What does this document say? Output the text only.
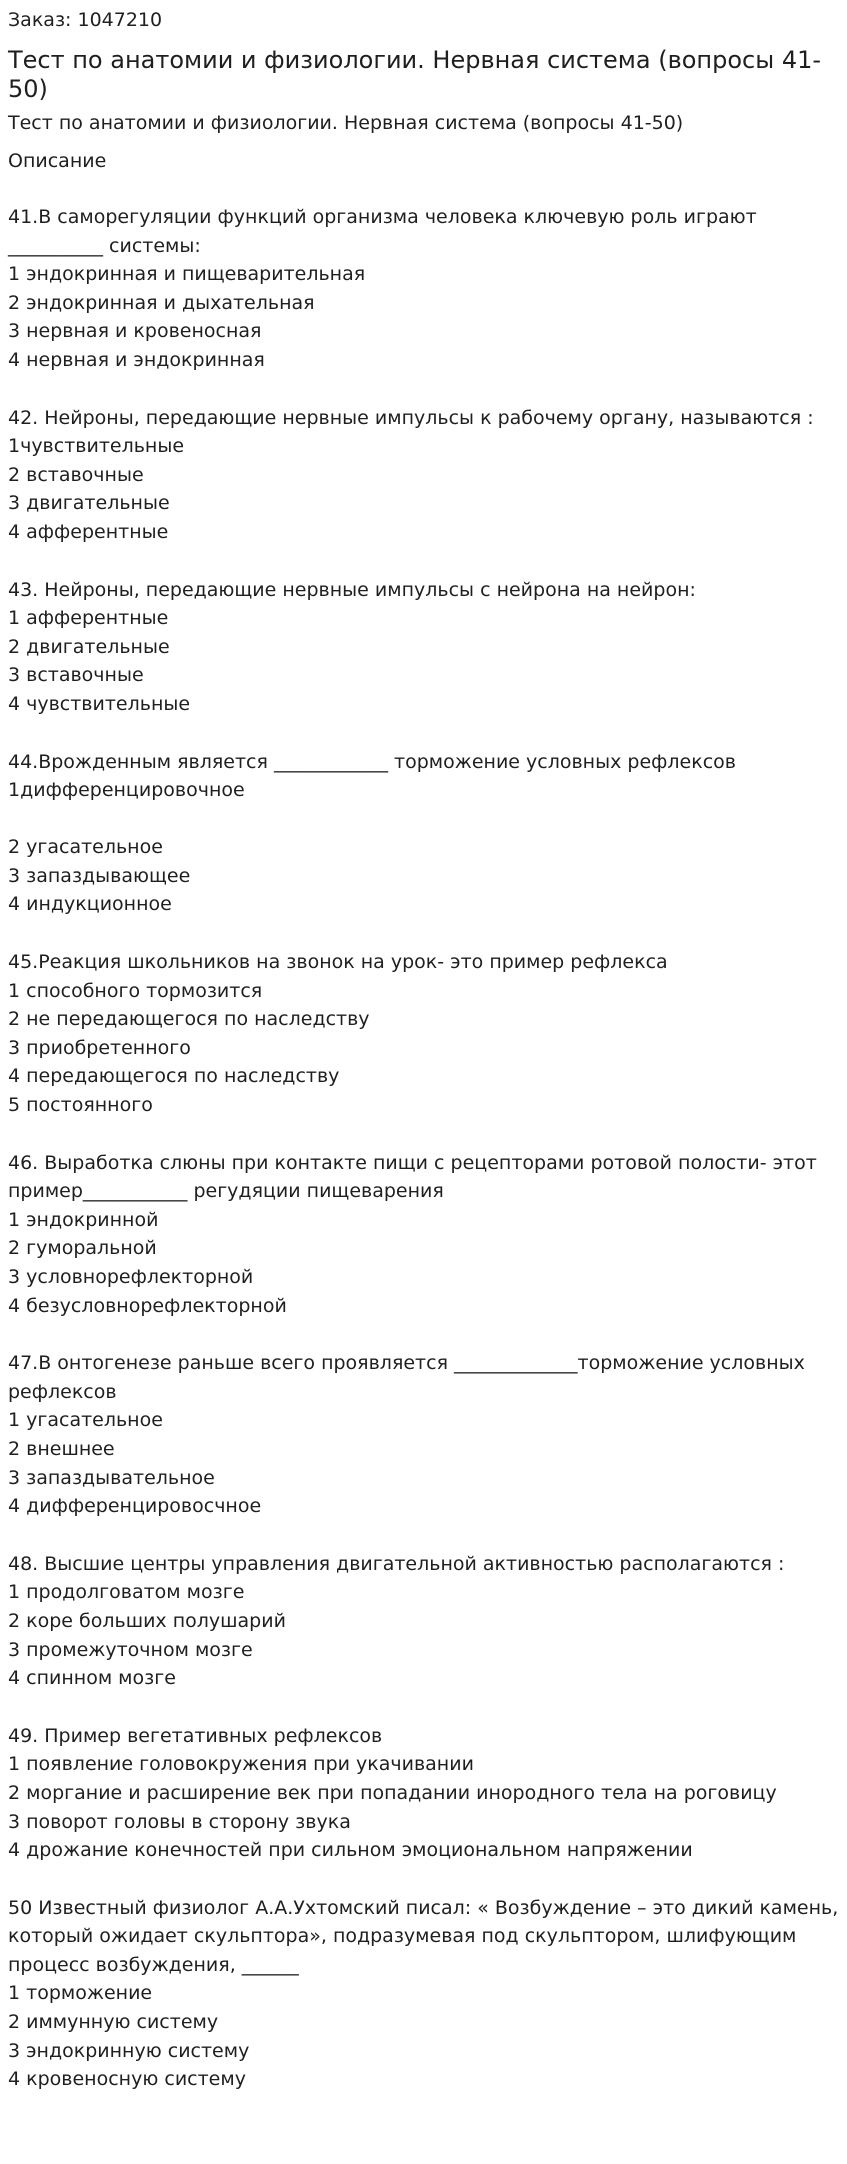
Заказ: 1047210
Тест по анатомии и физиологии. Нервная система (вопросы 41-50)
Тест по анатомии и физиологии. Нервная система (вопросы 41-50)
Описание
41.В саморегуляции функций организма человека ключевую роль играют __________ системы:
1 эндокринная и пищеварительная
2 эндокринная и дыхательная
3 нервная и кровеносная
4 нервная и эндокринная
42. Нейроны, передающие нервные импульсы к рабочему органу, называются :
1чувствительные
2 вставочные
3 двигательные
4 афферентные
43. Нейроны, передающие нервные импульсы с нейрона на нейрон:
1 афферентные
2 двигательные
3 вставочные
4 чувствительные
44.Врожденным является ____________ торможение условных рефлексов
1дифференцировочное
2 угасательное
3 запаздывающее
4 индукционное
45.Реакция школьников на звонок на урок- это пример рефлекса
1 способного тормозится
2 не передающегося по наследству
3 приобретенного
4 передающегося по наследству
5 постоянного
46. Выработка слюны при контакте пищи с рецепторами ротовой полости- этот пример___________ регудяции пищеварения
1 эндокринной
2 гуморальной
3 условнорефлекторной
4 безусловнорефлекторной
47.В онтогенезе раньше всего проявляется _____________торможение условных рефлексов
1 угасательное
2 внешнее
3 запаздывательное
4 дифференцировосчное
48. Высшие центры управления двигательной активностью располагаются :
1 продолговатом мозге
2 коре больших полушарий
3 промежуточном мозге
4 спинном мозге
49. Пример вегетативных рефлексов
1 появление головокружения при укачивании
2 моргание и расширение век при попадании инородного тела на роговицу
3 поворот головы в сторону звука
4 дрожание конечностей при сильном эмоциональном напряжении
50 Известный физиолог А.А.Ухтомский писал: « Возбуждение – это дикий камень, который ожидает скульптора», подразумевая под скульптором, шлифующим процесс возбуждения, ______
1 торможение
2 иммунную систему
3 эндокринную систему
4 кровеносную систему
